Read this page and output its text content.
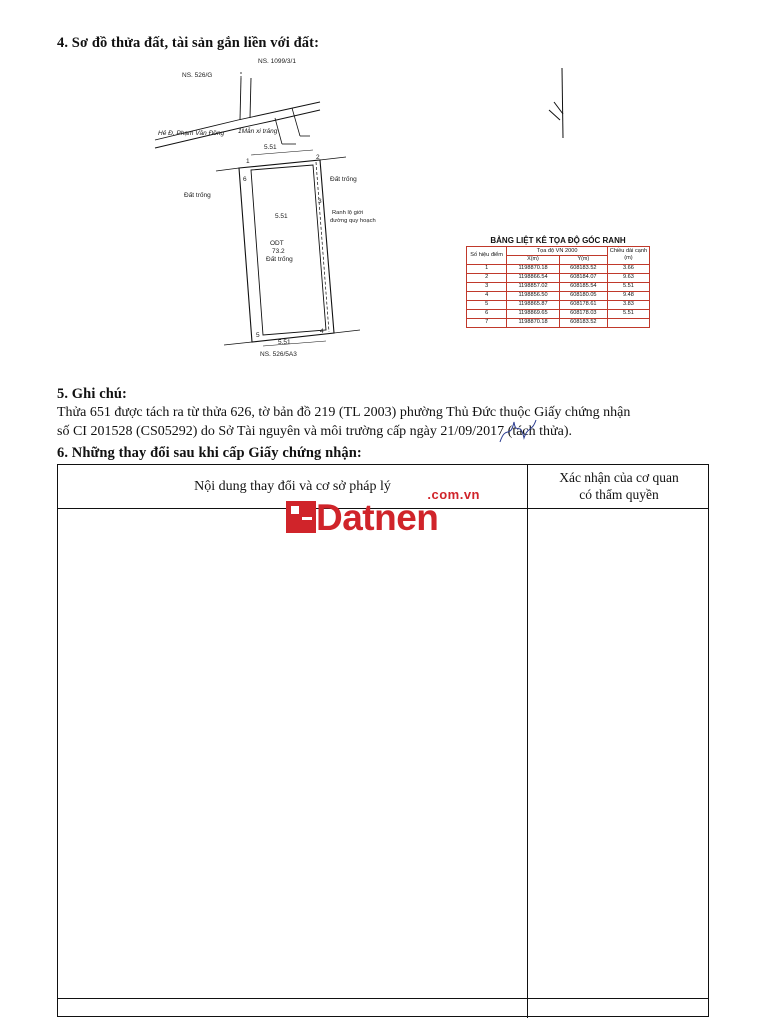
4. Sơ đồ thửa đất, tài sản gắn liền với đất:
1
2
3
4
5
6
NS. 1099/3/1
NS. 526/G
Hẻ Đ. Phạm Văn Đồng 1Mẫn xi trảng
5.51
Đất trống
Đất trống
5.51	Ranh lộ giới
đường quy hoạch
ODT
73.2
Đất trống
5.51
NS. 526/5A3
BẢNG LIỆT KÊ TỌA ĐỘ GÓC RANH
Số hiệu điểm	Tọa độ VN 2000		Chiều dài cạnh (m)
	X(m)	Y(m)	
1	1198870.18	608183.52	3.66
2	1198866.54	608184.07	9.63
3	1198857.02	608185.54	5.51
4	1198856.50	608180.05	9.48
5	1198865.87	608178.61	3.83
6	1198869.65	608178.03	5.51
7	1198870.18	608183.52	
5. Ghi chú:
Thửa 651 được tách ra từ thửa 626, tờ bản đồ 219 (TL 2003) phường Thủ Đức thuộc Giấy chứng nhận
số CI 201528 (CS05292) do Sở Tài nguyên và môi trường cấp ngày 21/09/2017 (tách thửa).
6. Những thay đổi sau khi cấp Giấy chứng nhận:
Nội dung thay đổi và cơ sở pháp lý
Xác nhận của cơ quan
có thẩm quyền
.com.vn
Datnen
